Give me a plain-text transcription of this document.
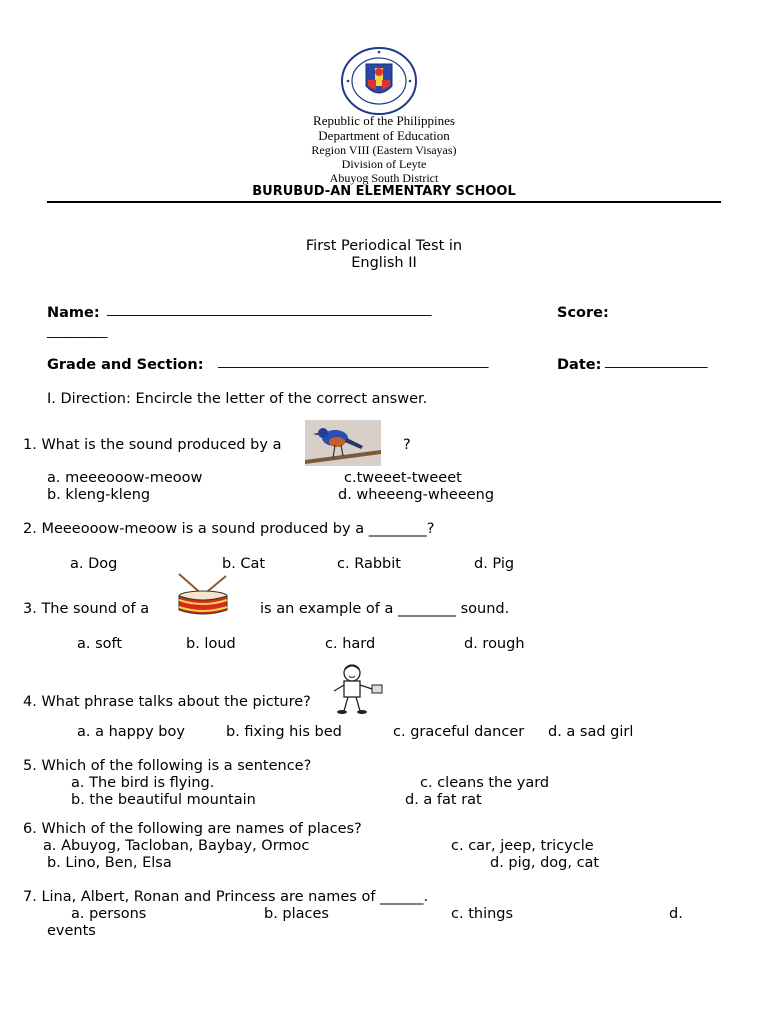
Republic of the Philippines
Department of Education
Region VIII (Eastern Visayas)
Division of Leyte
Abuyog South District
BURUBUD-AN ELEMENTARY SCHOOL
First Periodical Test in
English II
Name: ______________________________________________________	Score:
__________
Grade and Section: _____________________________________________	Date: _________________
I. Direction: Encircle the letter of the correct answer.
1. What is the sound produced by a	?
a. meeeooow-meoow	c.tweeet-tweeet
b. kleng-kleng	d. wheeeng-wheeeng
2. Meeeooow-meoow is a sound produced by a ________?
a. Dog	b. Cat	c. Rabbit	d. Pig
3. The sound of a	is an example of a ________ sound.
a. soft	b. loud	c. hard	d. rough
4. What phrase talks about the picture?
a. a happy boy	b. fixing his bed	c. graceful dancer d. a sad girl
5. Which of the following is a sentence?
a. The bird is flying.	c. cleans the yard
b. the beautiful mountain	d. a fat rat
6. Which of the following are names of places?
a. Abuyog, Tacloban, Baybay, Ormoc	c. car, jeep, tricycle
b. Lino, Ben, Elsa	d. pig, dog, cat
7. Lina, Albert, Ronan and Princess are names of ______.
a. persons	b. places	c. things	d.
events
